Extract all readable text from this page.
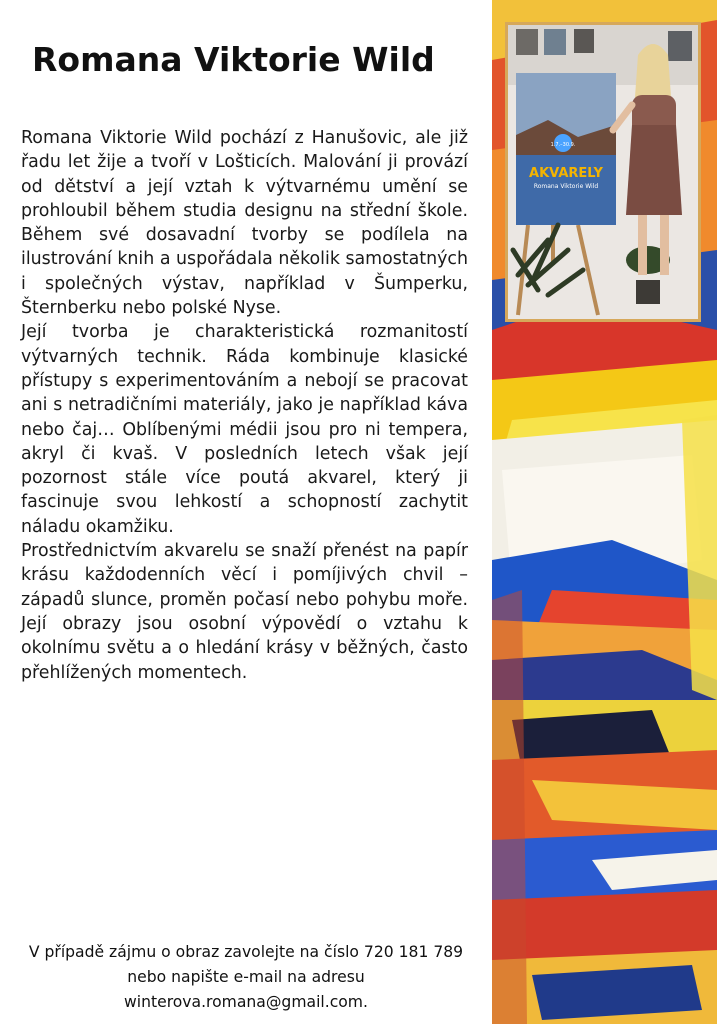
Romana Viktorie Wild

Romana Viktorie Wild pochází z Hanušovic, ale již řadu let žije a tvoří v Lošticích. Malování ji provází od dětství a její vztah k výtvarnému umění se prohloubil během studia designu na střední škole. Během své dosavadní tvorby se podílela na ilustrování knih a uspořádala několik samostatných i společných výstav, například v Šumperku, Šternberku nebo polské Nyse.

Její tvorba je charakteristická rozmanitostí výtvarných technik. Ráda kombinuje klasické přístupy s experimentováním a nebojí se pracovat ani s netradičními materiály, jako je například káva nebo čaj… Oblíbenými médii jsou pro ni tempera, akryl či kvaš. V posledních letech však její pozornost stále více poutá akvarel, který ji fascinuje svou lehkostí a schopností zachytit náladu okamžiku.

Prostřednictvím akvarelu se snaží přenést na papír krásu každodenních věcí i pomíjivých chvil – západů slunce, proměn počasí nebo pohybu moře. Její obrazy jsou osobní výpovědí o vztahu k okolnímu světu a o hledání krásy v běžných, často přehlížených momentech.

V případě zájmu o obraz zavolejte na číslo 720 181 789
nebo napište e-mail na adresu
winterova.romana@gmail.com.
1.7.–30.9.
AKVARELY
Romana Viktorie Wild
